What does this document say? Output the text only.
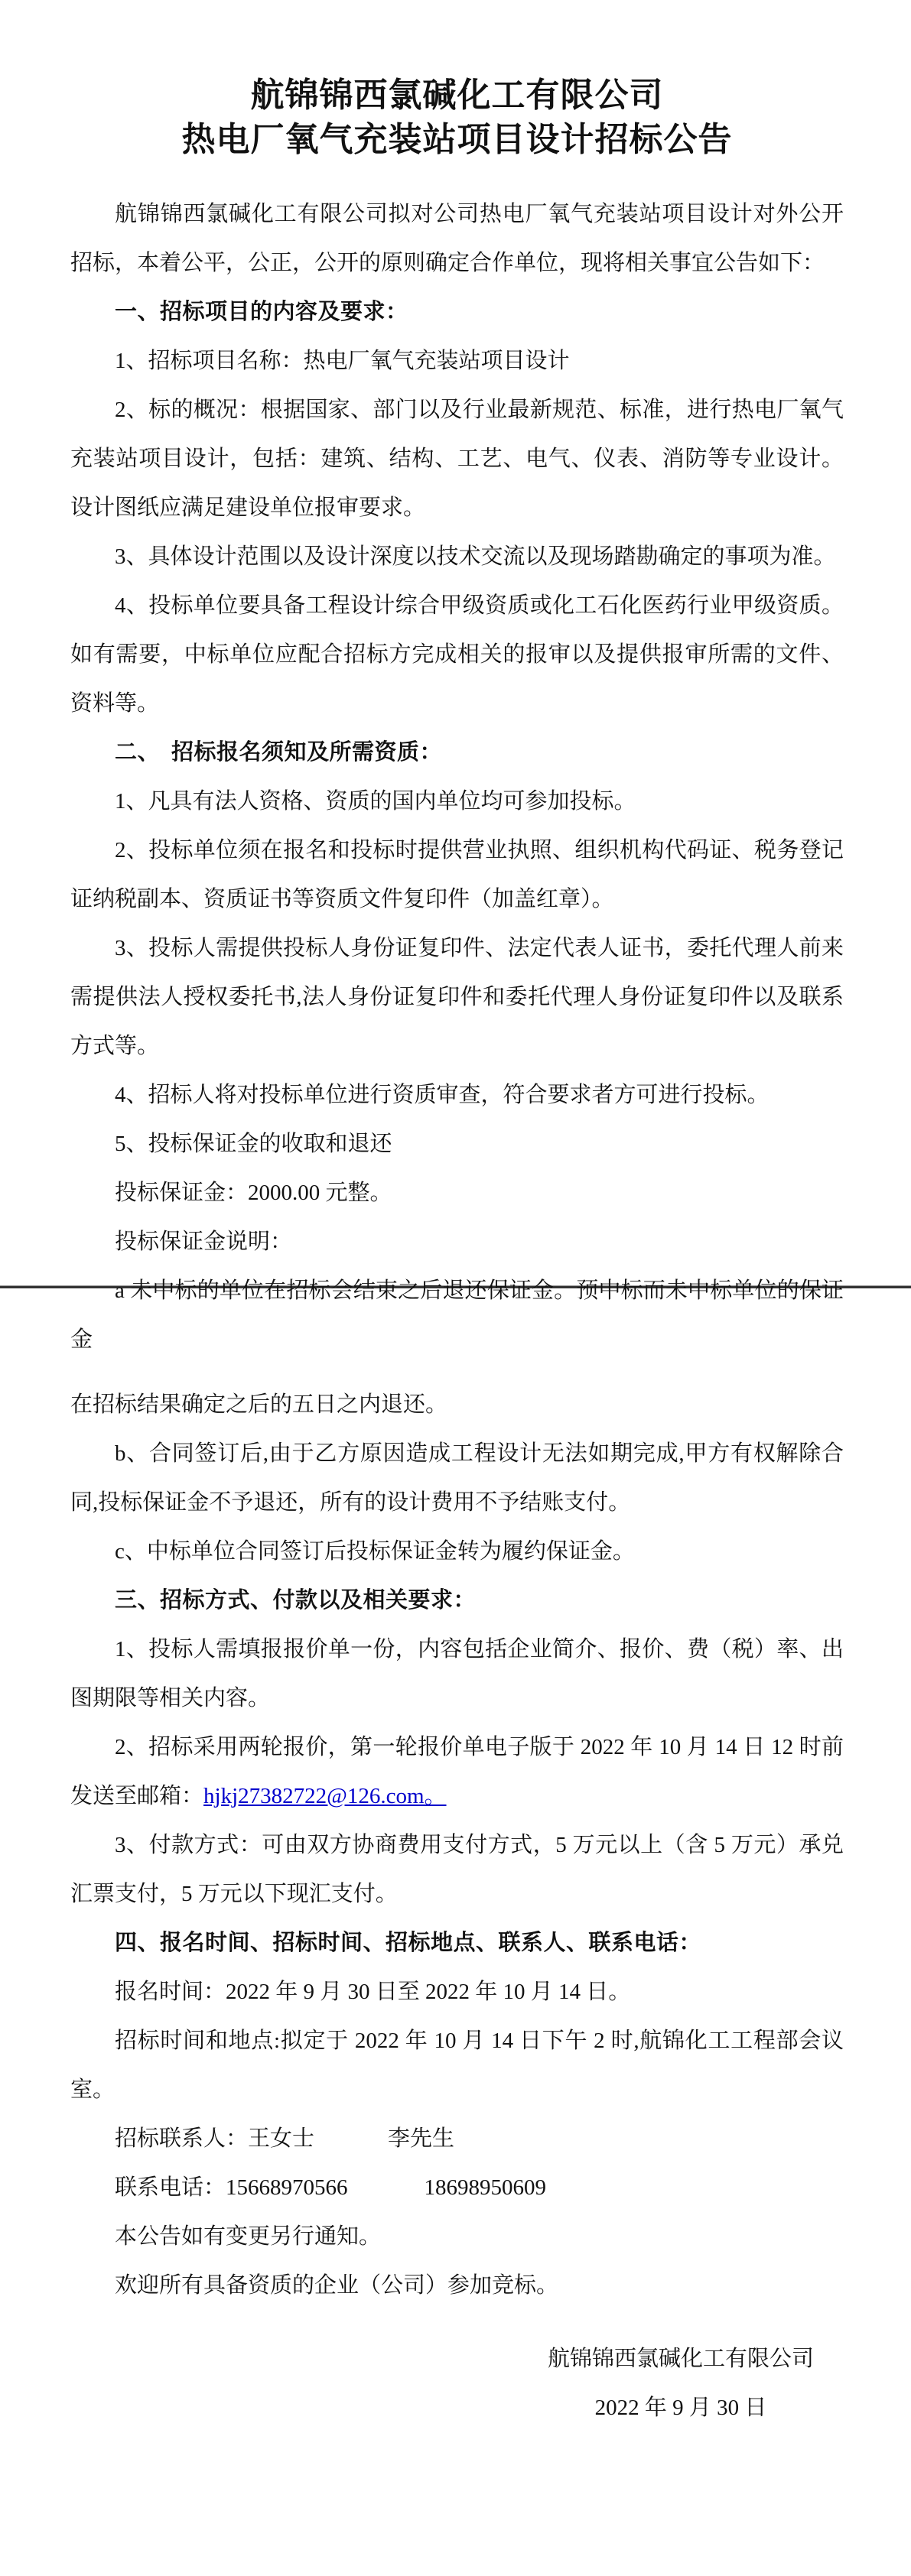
航锦锦西氯碱化工有限公司
热电厂氧气充装站项目设计招标公告

航锦锦西氯碱化工有限公司拟对公司热电厂氧气充装站项目设计对外公开招标，本着公平，公正，公开的原则确定合作单位，现将相关事宜公告如下：

一、招标项目的内容及要求：

1、招标项目名称：热电厂氧气充装站项目设计

2、标的概况：根据国家、部门以及行业最新规范、标准，进行热电厂氧气充装站项目设计，包括：建筑、结构、工艺、电气、仪表、消防等专业设计。设计图纸应满足建设单位报审要求。

3、具体设计范围以及设计深度以技术交流以及现场踏勘确定的事项为准。

4、投标单位要具备工程设计综合甲级资质或化工石化医药行业甲级资质。如有需要，中标单位应配合招标方完成相关的报审以及提供报审所需的文件、资料等。

二、　招标报名须知及所需资质：

1、凡具有法人资格、资质的国内单位均可参加投标。

2、投标单位须在报名和投标时提供营业执照、组织机构代码证、税务登记证纳税副本、资质证书等资质文件复印件（加盖红章）。

3、投标人需提供投标人身份证复印件、法定代表人证书，委托代理人前来需提供法人授权委托书,法人身份证复印件和委托代理人身份证复印件以及联系方式等。

4、招标人将对投标单位进行资质审查，符合要求者方可进行投标。

5、投标保证金的收取和退还

投标保证金：2000.00 元整。

投标保证金说明：

a 未中标的单位在招标会结束之后退还保证金。预中标而未中标单位的保证金

在招标结果确定之后的五日之内退还。

b、合同签订后,由于乙方原因造成工程设计无法如期完成,甲方有权解除合同,投标保证金不予退还，所有的设计费用不予结账支付。

c、中标单位合同签订后投标保证金转为履约保证金。

三、招标方式、付款以及相关要求：

1、投标人需填报报价单一份，内容包括企业简介、报价、费（税）率、出图期限等相关内容。

2、招标采用两轮报价，第一轮报价单电子版于 2022 年 10 月 14 日 12 时前发送至邮箱：hjkj27382722@126.com。

3、付款方式：可由双方协商费用支付方式，5 万元以上（含 5 万元）承兑汇票支付，5 万元以下现汇支付。

四、报名时间、招标时间、招标地点、联系人、联系电话：

报名时间：2022 年 9 月 30 日至 2022 年 10 月 14 日。

招标时间和地点:拟定于 2022 年 10 月 14 日下午 2 时,航锦化工工程部会议室。

招标联系人：王女士	李先生

联系电话：15668970566	18698950609

本公告如有变更另行通知。

欢迎所有具备资质的企业（公司）参加竞标。

航锦锦西氯碱化工有限公司

2022 年 9 月 30 日
